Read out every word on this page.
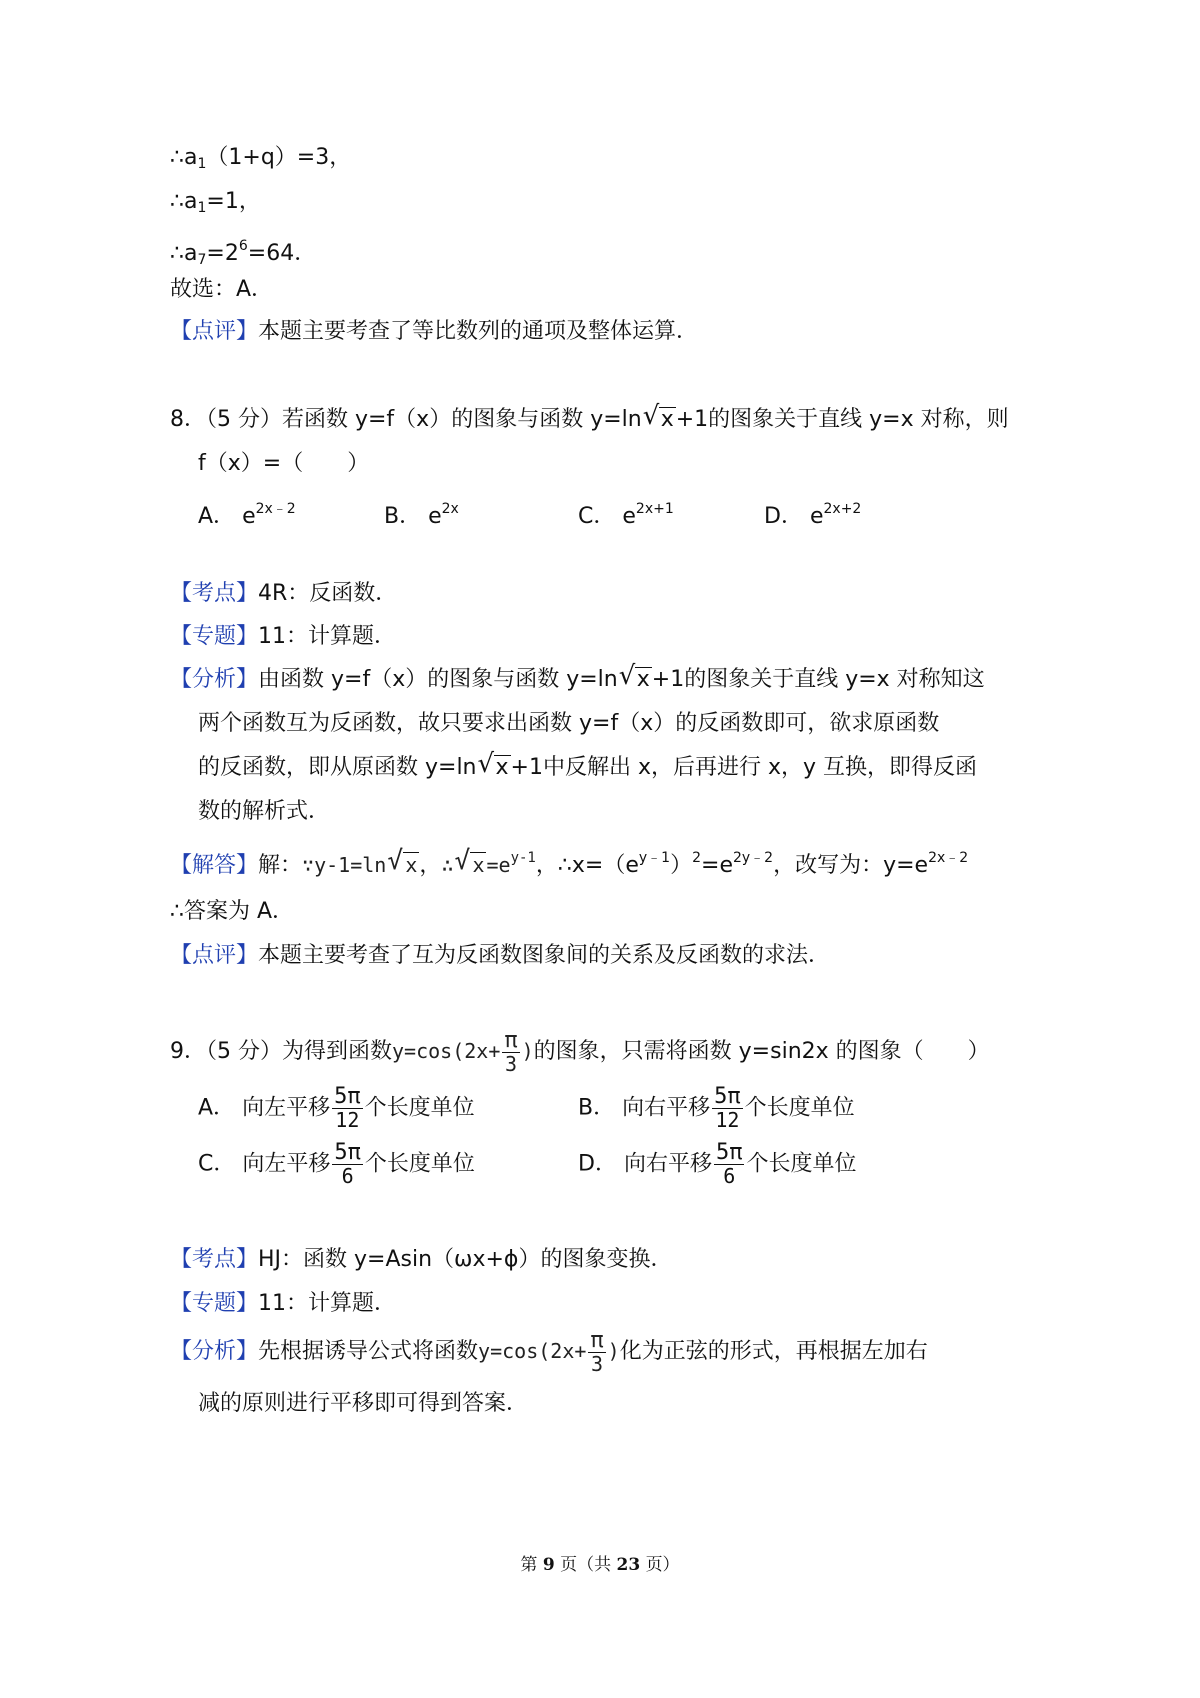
$\therefore a_1(1+q)=3$，
$\therefore a_1=1$，
$\therefore a_7=2^6=64$．
故选：A．
【点评】本题主要考查了等比数列的通项及整体运算．
8．（5 分）若函数 y=f（x）的图象与函数 y=ln √ x+1的图象关于直线 y=x 对称，则
f（x）=（　　）
A． $e^{2x﹣2}$	B． $e^{2x}$	C． $e^{2x+1}$	D． $e^{2x+2}$
【考点】4R：反函数．
【专题】11：计算题．
【分析】由函数 y=f（x）的图象与函数 y=ln √ x+1的图象关于直线 y=x 对称知这
两个函数互为反函数，故只要求出函数 y=f（x）的反函数即可，欲求原函数
的反函数，即从原函数 y=ln √ x+1中反解出 x，后再进行 x，y 互换，即得反函
数的解析式．
【解答】解：∵y-1=ln √ x，∴ √ $x =e^{y-1}$，$\therefore x=(e^{y﹣1})^2=e^{2y﹣2}$，改写为：$y=e^{2x﹣2}$
∴答案为 A．
【点评】本题主要考查了互为反函数图象间的关系及反函数的求法．
9．（5 分）为得到函数$y=\cos(2x+ \frac{\pi}{3}$ )的图象，只需将函数 y=sin2x 的图象（　　）
A． 向左平移 $\frac{5\pi}{12}$ 个长度单位	B． 向右平移 $\frac{5\pi}{12}$ 个长度单位
C． 向左平移 $\frac{5\pi}{6}$ 个长度单位	D． 向右平移 $\frac{5\pi}{6}$ 个长度单位
【考点】HJ：函数 y=Asin（ωx+ϕ）的图象变换．
【专题】11：计算题．
【分析】先根据诱导公式将函数$y=\cos(2x+ \frac{\pi}{3}$ )化为正弦的形式，再根据左加右
减的原则进行平移即可得到答案．
第 9 页（共 23 页）
